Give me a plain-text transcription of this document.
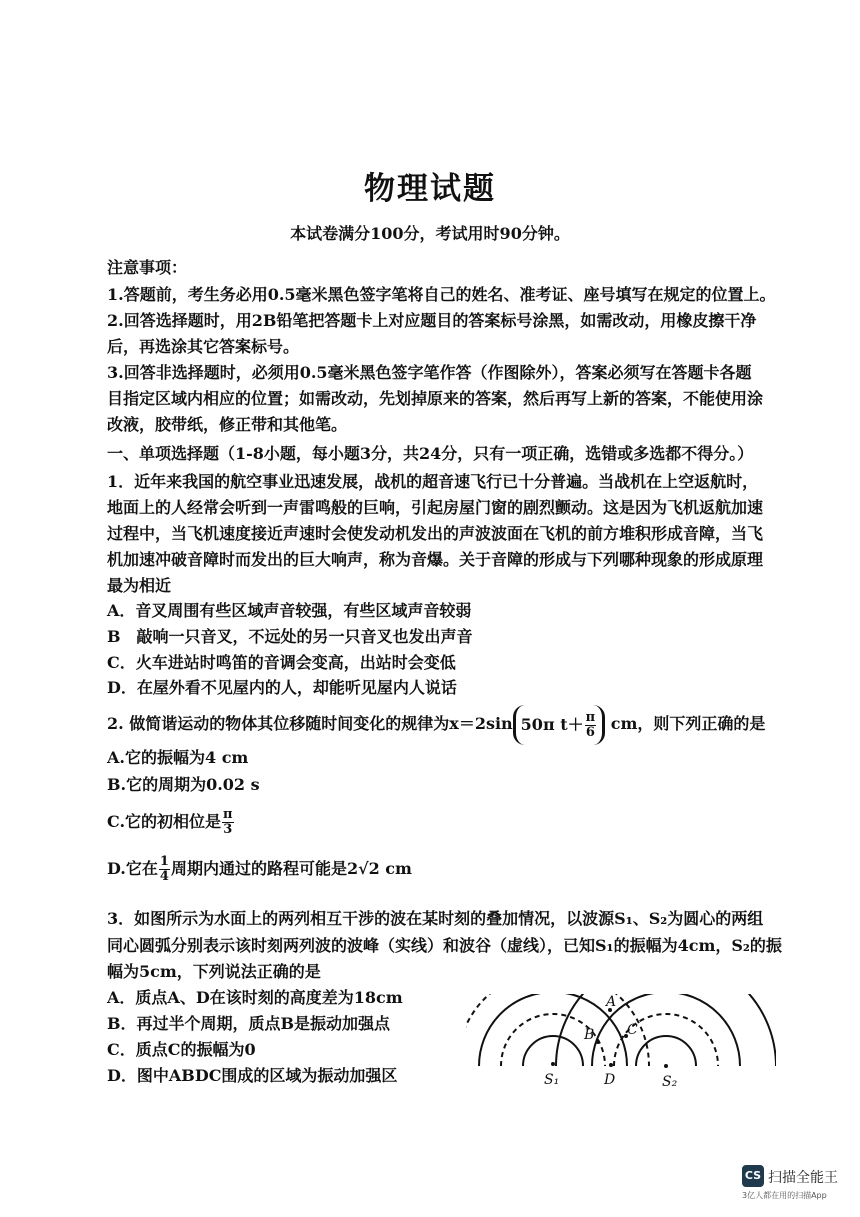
物理试题
本试卷满分100分，考试用时90分钟。
注意事项：
1.答题前，考生务必用0.5毫米黑色签字笔将自己的姓名、准考证、座号填写在规定的位置上。
2.回答选择题时，用2B铅笔把答题卡上对应题目的答案标号涂黑，如需改动，用橡皮擦干净
后，再选涂其它答案标号。
3.回答非选择题时，必须用0.5毫米黑色签字笔作答（作图除外），答案必须写在答题卡各题
目指定区域内相应的位置；如需改动，先划掉原来的答案，然后再写上新的答案，不能使用涂
改液，胶带纸，修正带和其他笔。
一、单项选择题（1-8小题，每小题3分，共24分，只有一项正确，选错或多选都不得分。）
1．近年来我国的航空事业迅速发展，战机的超音速飞行已十分普遍。当战机在上空返航时，
地面上的人经常会听到一声雷鸣般的巨响，引起房屋门窗的剧烈颤动。这是因为飞机返航加速
过程中，当飞机速度接近声速时会使发动机发出的声波波面在飞机的前方堆积形成音障，当飞
机加速冲破音障时而发出的巨大响声，称为音爆。关于音障的形成与下列哪种现象的形成原理
最为相近
A．音叉周围有些区域声音较强，有些区域声音较弱
B　敲响一只音叉，不远处的另一只音叉也发出声音
C．火车进站时鸣笛的音调会变高，出站时会变低
D．在屋外看不见屋内的人，却能听见屋内人说话
2. 做简谐运动的物体其位移随时间变化的规律为x＝2sin 50π $t+ \frac{\pi}{6}$ cm，则下列正确的是
A.它的振幅为4 cm
B.它的周期为0.02 s
C.它的初相位是 $\frac{\pi}{3}$
D.它在 $\frac{1}{4}$ 周期内通过的路程可能是2√2 cm
3．如图所示为水面上的两列相互干涉的波在某时刻的叠加情况，以波源S₁、S₂为圆心的两组
同心圆弧分别表示该时刻两列波的波峰（实线）和波谷（虚线），已知S₁的振幅为4cm，S₂的振
幅为5cm，下列说法正确的是
A．质点A、D在该时刻的高度差为18cm
B．再过半个周期，质点B是振动加强点
C．质点C的振幅为0
D．图中ABDC围成的区域为振动加强区
A
B C
D
S₁	S₂
CS 扫描全能王
3亿人都在用的扫描App
